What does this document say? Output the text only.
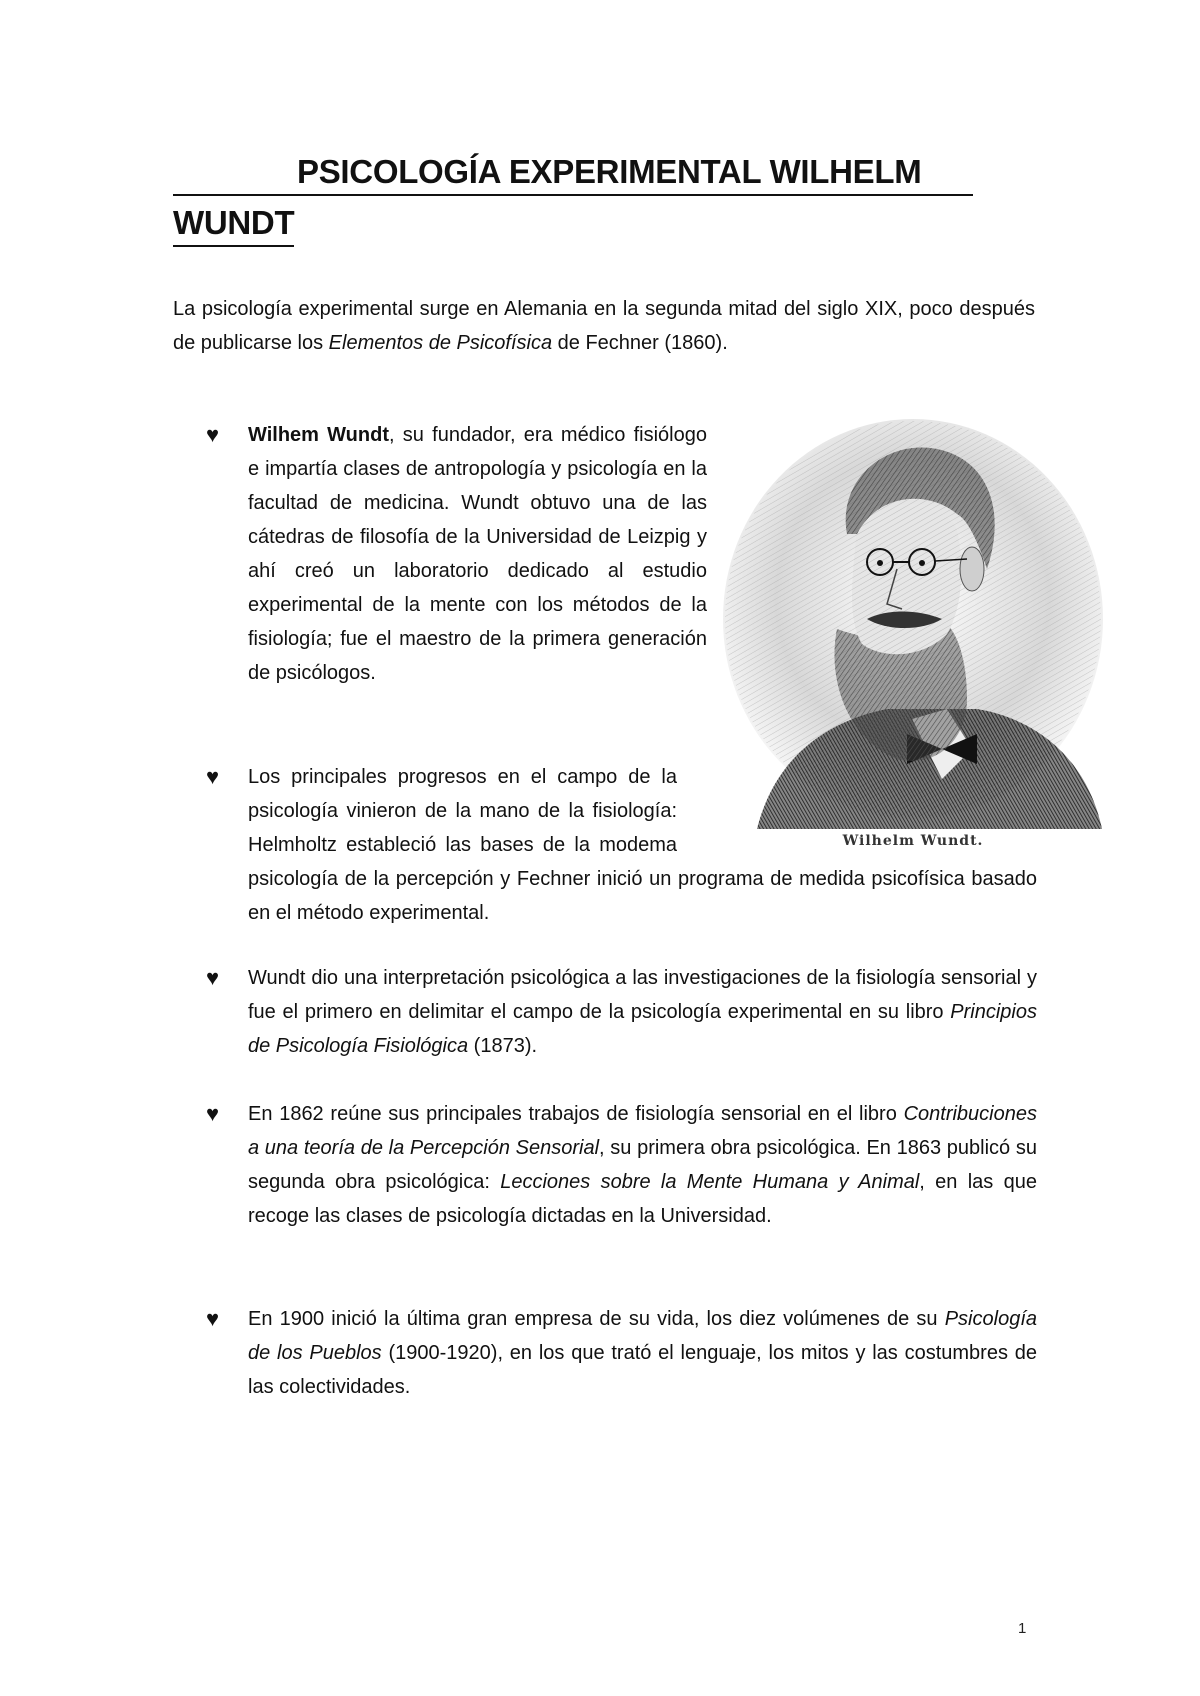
PSICOLOGÍA EXPERIMENTAL WILHELM
WUNDT

La psicología experimental surge en Alemania en la segunda mitad del siglo XIX, poco después de publicarse los Elementos de Psicofísica de Fechner (1860).

♥ Wilhem Wundt, su fundador, era médico fisiólogo e impartía clases de antropología y psicología en la facultad de medicina. Wundt obtuvo una de las cátedras de filosofía de la Universidad de Leizpig y ahí creó un laboratorio dedicado al estudio experimental de la mente con los métodos de la fisiología; fue el maestro de la primera generación de psicólogos.
♥ Los principales progresos en el campo de la psicología vinieron de la mano de la fisiología: Helmholtz estableció las bases de la modema psicología de la percepción y Fechner inició un programa de medida psicofísica basado en el método experimental.
♥ Wundt dio una interpretación psicológica a las investigaciones de la fisiología sensorial y fue el primero en delimitar el campo de la psicología experimental en su libro Principios de Psicología Fisiológica (1873).
♥ En 1862 reúne sus principales trabajos de fisiología sensorial en el libro Contribuciones a una teoría de la Percepción Sensorial, su primera obra psicológica. En 1863 publicó su segunda obra psicológica: Lecciones sobre la Mente Humana y Animal, en las que recoge las clases de psicología dictadas en la Universidad.
♥ En 1900 inició la última gran empresa de su vida, los diez volúmenes de su Psicología de los Pueblos (1900-1920), en los que trató el lenguaje, los mitos y las costumbres de las colectividades.
Wilhelm Wundt.
1
